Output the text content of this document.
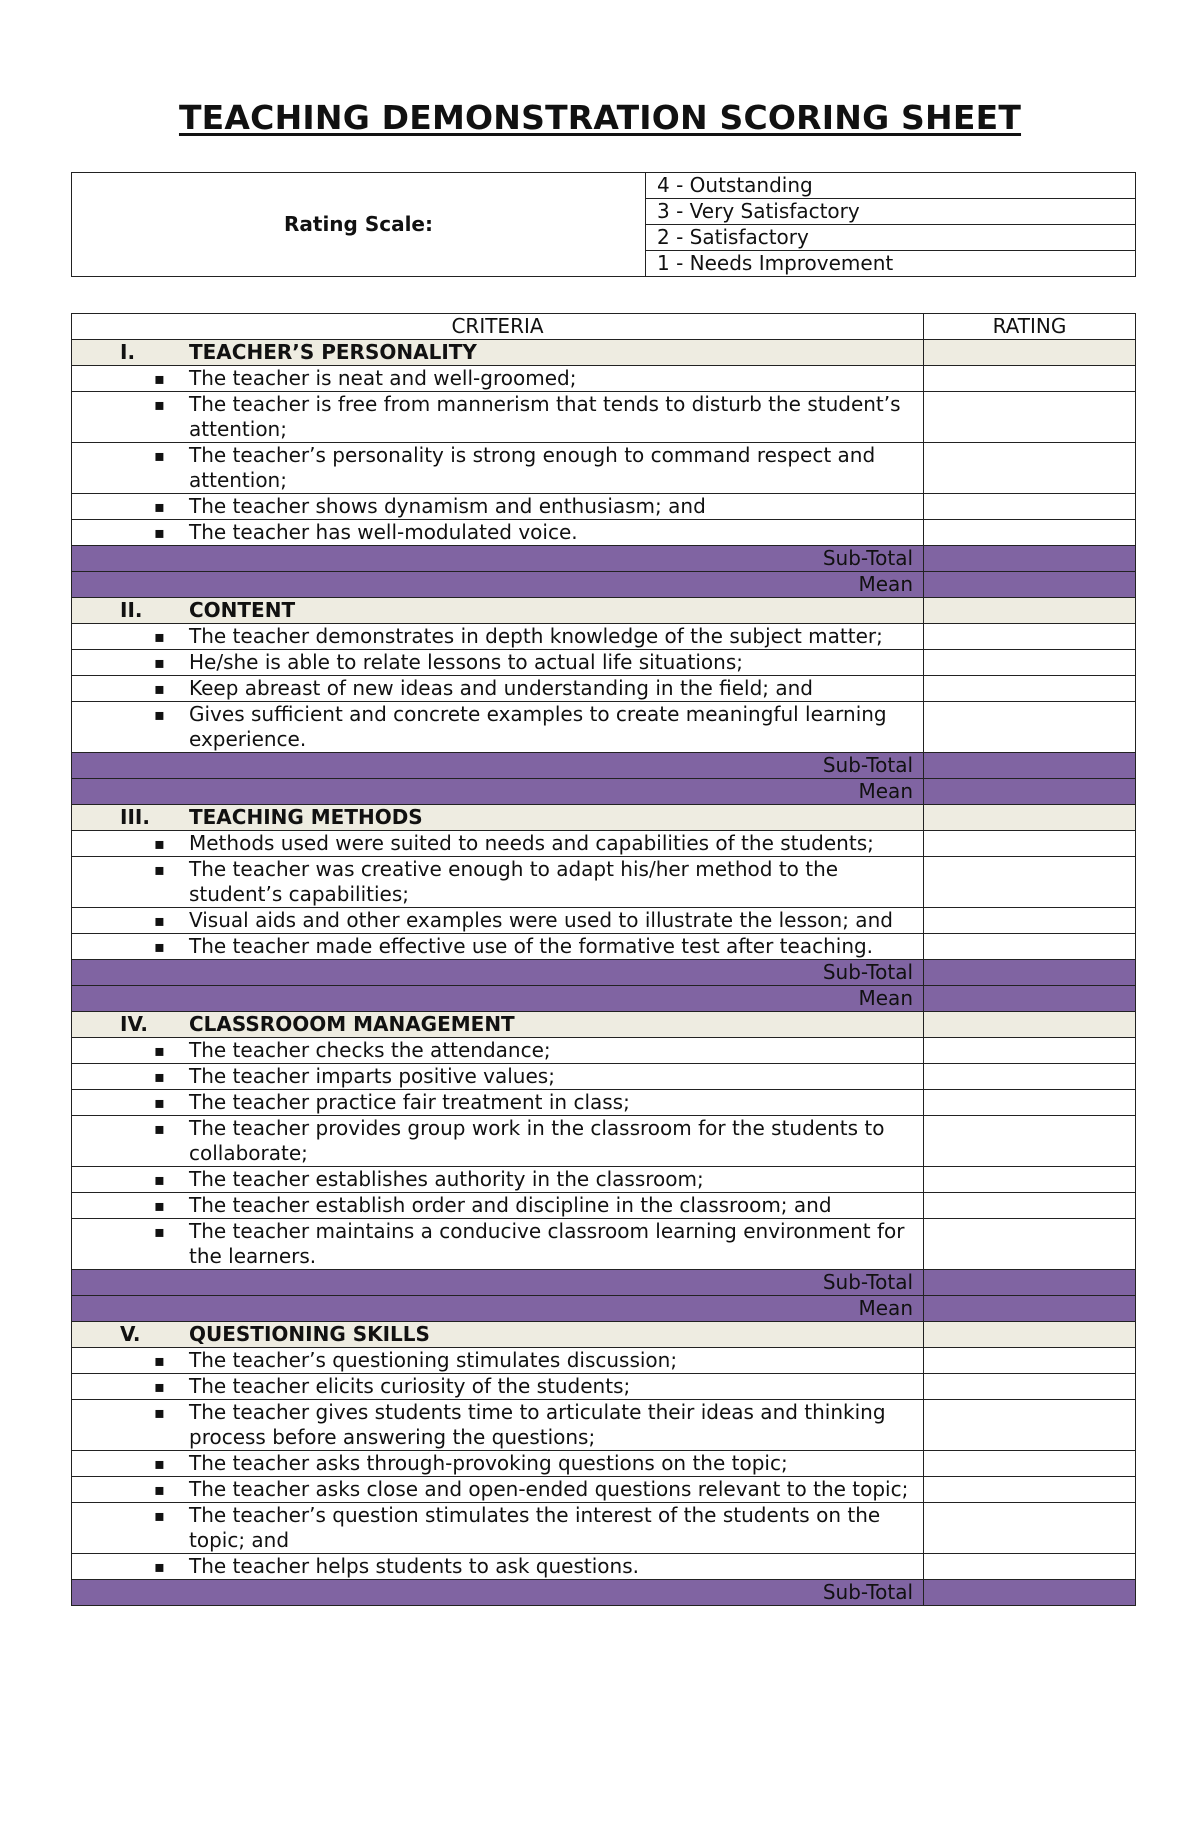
TEACHING DEMONSTRATION SCORING SHEET
Rating Scale:	4 - Outstanding
3 - Very Satisfactory
2 - Satisfactory
1 - Needs Improvement
CRITERIA	RATING
I. TEACHER’S PERSONALITY	

▪ The teacher is neat and well-groomed;	

▪ The teacher is free from mannerism that tends to disturb the student’s attention;	

▪ The teacher’s personality is strong enough to command respect and attention;	

▪ The teacher shows dynamism and enthusiasm; and	

▪ The teacher has well-modulated voice.	
Sub-Total	
Mean	
II. CONTENT	

▪ The teacher demonstrates in depth knowledge of the subject matter;	

▪ He/she is able to relate lessons to actual life situations;	

▪ Keep abreast of new ideas and understanding in the field; and	

▪ Gives sufficient and concrete examples to create meaningful learning experience.	
Sub-Total	
Mean	
III. TEACHING METHODS	

▪ Methods used were suited to needs and capabilities of the students;	

▪ The teacher was creative enough to adapt his/her method to the student’s capabilities;	

▪ Visual aids and other examples were used to illustrate the lesson; and	

▪ The teacher made effective use of the formative test after teaching.	
Sub-Total	
Mean	
IV. CLASSROOOM MANAGEMENT	

▪ The teacher checks the attendance;	

▪ The teacher imparts positive values;	

▪ The teacher practice fair treatment in class;	

▪ The teacher provides group work in the classroom for the students to collaborate;	

▪ The teacher establishes authority in the classroom;	

▪ The teacher establish order and discipline in the classroom; and	

▪ The teacher maintains a conducive classroom learning environment for the learners.	
Sub-Total	
Mean	
V. QUESTIONING SKILLS	

▪ The teacher’s questioning stimulates discussion;	

▪ The teacher elicits curiosity of the students;	

▪ The teacher gives students time to articulate their ideas and thinking process before answering the questions;	

▪ The teacher asks through-provoking questions on the topic;	

▪ The teacher asks close and open-ended questions relevant to the topic;	

▪ The teacher’s question stimulates the interest of the students on the topic; and	

▪ The teacher helps students to ask questions.	
Sub-Total	
